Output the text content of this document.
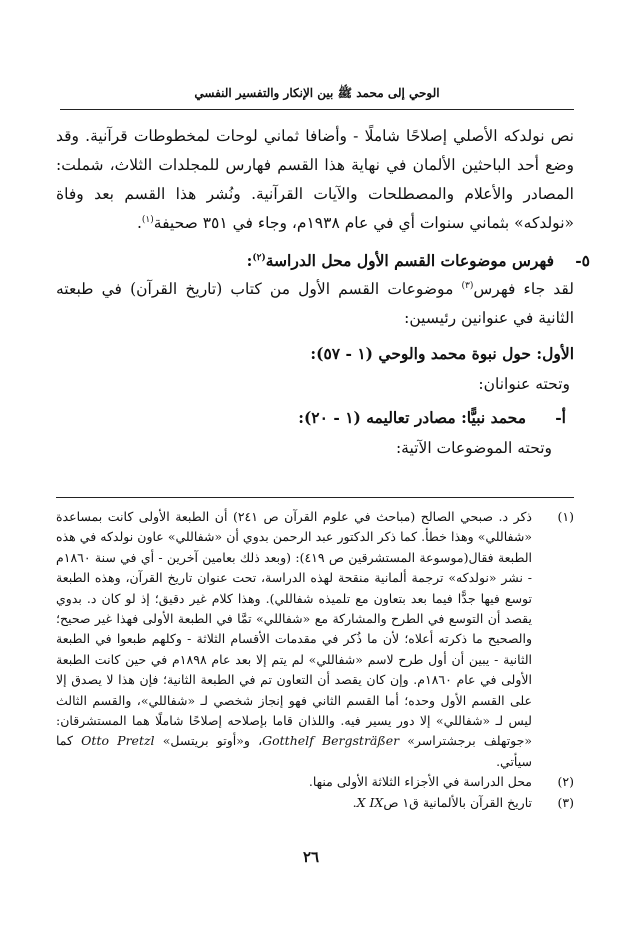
الوحي إلى محمد ﷺ بين الإنكار والتفسير النفسي

نص نولدكه الأصلي إصلاحًا شاملًا - وأضافا ثماني لوحات لمخطوطات قرآنية. وقد وضع أحد الباحثين الألمان في نهاية هذا القسم فهارس للمجلدات الثلاث، شملت: المصادر والأعلام والمصطلحات والآيات القرآنية. ونُشر هذا القسم بعد وفاة «نولدكه» بثماني سنوات أي في عام ١٩٣٨م، وجاء في ٣٥١ صحيفة$^{(١)}$.

٥-فهرس موضوعات القسم الأول محل الدراسة$^{(٢)}$:

لقد جاء فهرس$^{(٣)}$ موضوعات القسم الأول من كتاب (تاريخ القرآن) في طبعته الثانية في عنوانين رئيسين:

الأول: حول نبوة محمد والوحي (١ - ٥٧):

وتحته عنوانان:

أ-محمد نبيًّا: مصادر تعاليمه (١ - ٢٠):

وتحته الموضوعات الآتية:

(١)
ذكر د. صبحي الصالح (مباحث في علوم القرآن ص ٢٤١) أن الطبعة الأولى كانت بمساعدة «شفاللي» وهذا خطأ. كما ذكر الدكتور عبد الرحمن بدوي أن «شفاللي» عاون نولدكه في هذه الطبعة فقال(موسوعة المستشرقين ص ٤١٩): (وبعد ذلك بعامين آخرين - أي في سنة ١٨٦٠م - نشر «نولدكه» ترجمة ألمانية منقحة لهذه الدراسة، تحت عنوان تاريخ القرآن، وهذه الطبعة توسع فيها جدًّا فيما بعد بتعاون مع تلميذه شفاللي). وهذا كلام غير دقيق؛ إذ لو كان د. بدوي يقصد أن التوسع في الطرح والمشاركة مع «شفاللي» تمَّا في الطبعة الأولى فهذا غير صحيح؛ والصحيح ما ذكرته أعلاه؛ لأن ما ذُكر في مقدمات الأقسام الثلاثة - وكلهم طبعوا في الطبعة الثانية - يبين أن أول طرح لاسم «شفاللي» لم يتم إلا بعد عام ١٨٩٨م في حين كانت الطبعة الأولى في عام ١٨٦٠م. وإن كان يقصد أن التعاون تم في الطبعة الثانية؛ فإن هذا لا يصدق إلا على القسم الأول وحده؛ أما القسم الثاني فهو إنجاز شخصي لـ «شفاللي»، والقسم الثالث ليس لـ «شفاللي» إلا دور يسير فيه. واللذان قاما بإصلاحه إصلاحًا شاملًا هما المستشرقان: «جوتهلف برجشتراسر» Gotthelf Bergsträßer، و«أوتو بريتسل» Otto Pretzl كما سيأتي.
(٢)
محل الدراسة في الأجزاء الثلاثة الأولى منها.
(٣)
تاريخ القرآن بالألمانية ق١ صX IX.
٢٦
